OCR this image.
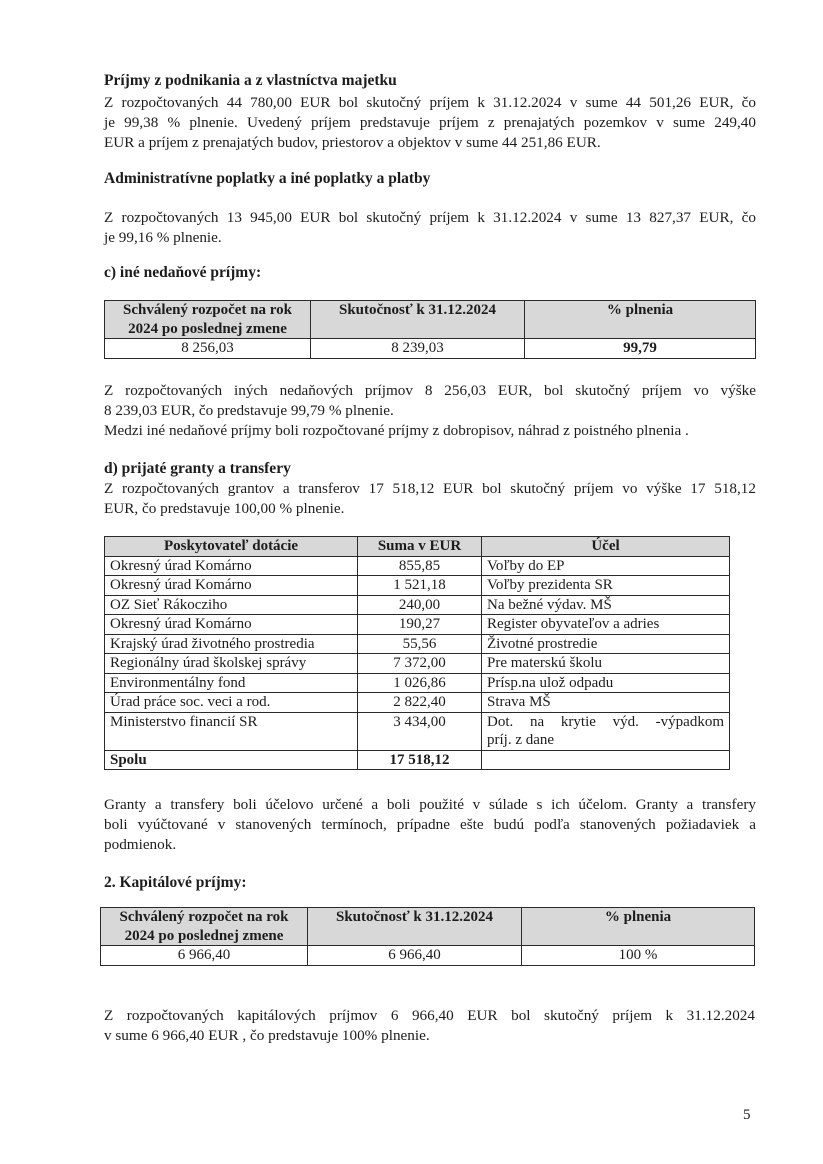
Príjmy z podnikania a z vlastníctva majetku

Z rozpočtovaných 44 780,00 EUR bol skutočný príjem k 31.12.2024 v sume 44 501,26 EUR, čo
je 99,38 % plnenie. Uvedený príjem predstavuje príjem z prenajatých pozemkov v sume 249,40
EUR a príjem z prenajatých budov, priestorov a objektov v sume 44 251,86 EUR.

Administratívne poplatky a iné poplatky a platby

Z rozpočtovaných 13 945,00 EUR bol skutočný príjem k 31.12.2024 v sume 13 827,37 EUR, čo
je 99,16 % plnenie.

c) iné nedaňové príjmy:
Schválený rozpočet na rok
2024 po poslednej zmene	Skutočnosť k 31.12.2024	% plnenia
8 256,03	8 239,03	99,79

Z rozpočtovaných iných nedaňových príjmov 8 256,03 EUR, bol skutočný príjem vo výške
8 239,03 EUR, čo predstavuje 99,79 % plnenie.
Medzi iné nedaňové príjmy boli rozpočtované príjmy z dobropisov, náhrad z poistného plnenia .

d) prijaté granty a transfery

Z rozpočtovaných grantov a transferov 17 518,12 EUR bol skutočný príjem vo výške 17 518,12
EUR, čo predstavuje 100,00 % plnenie.

Poskytovateľ dotácie	Suma v EUR	Účel
Okresný úrad Komárno	855,85	Voľby do EP
Okresný úrad Komárno	1 521,18	Voľby prezidenta SR
OZ Sieť Rákocziho	240,00	Na bežné výdav. MŠ
Okresný úrad Komárno	190,27	Register obyvateľov a adries
Krajský úrad životného prostredia	55,56	Životné prostredie
Regionálny úrad školskej správy	7 372,00	Pre materskú školu
Environmentálny fond	1 026,86	Prísp.na ulož odpadu
Úrad práce soc. veci a rod.	2 822,40	Strava MŠ
Ministerstvo financií SR	3 434,00	Dot. na krytie výd. -výpadkom
príj. z dane

Spolu	17 518,12	

Granty a transfery boli účelovo určené a boli použité v súlade s ich účelom. Granty a transfery
boli vyúčtované v stanovených termínoch, prípadne ešte budú podľa stanovených požiadaviek a
podmienok.

2. Kapitálové príjmy:
Schválený rozpočet na rok
2024 po poslednej zmene	Skutočnosť k 31.12.2024	% plnenia
6 966,40	6 966,40	100 %

Z rozpočtovaných kapitálových príjmov 6 966,40 EUR bol skutočný príjem k 31.12.2024
v sume 6 966,40 EUR , čo predstavuje 100% plnenie.

5
